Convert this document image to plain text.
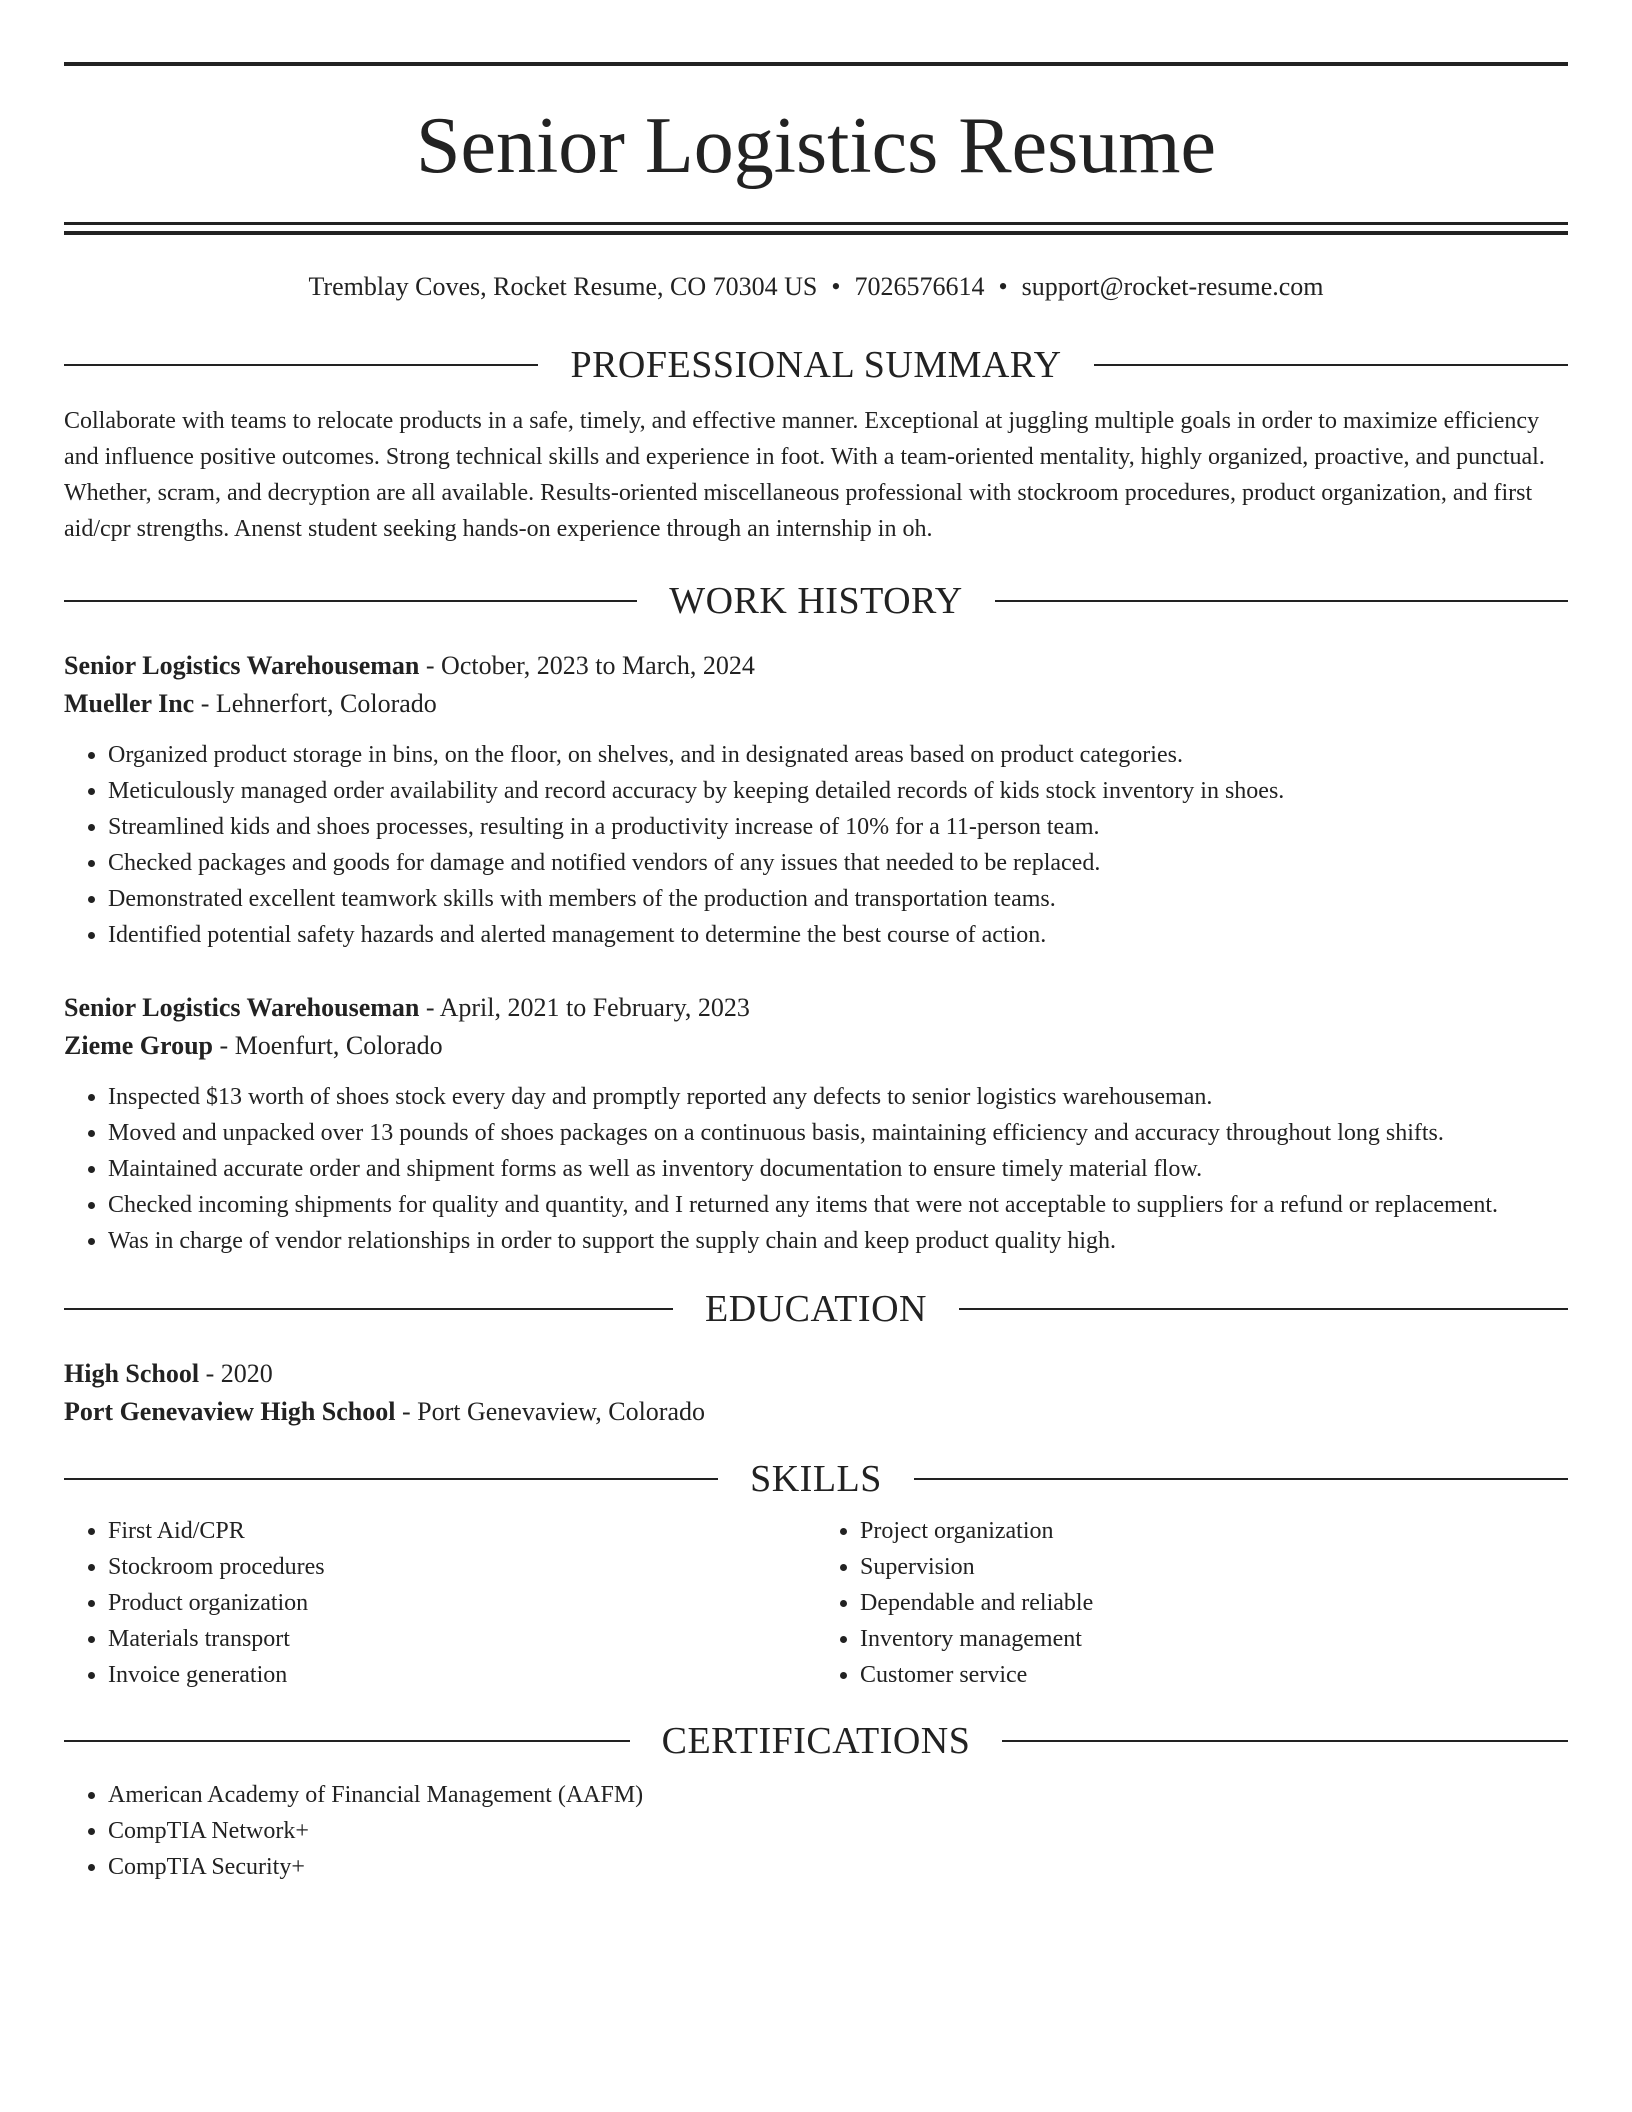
Senior Logistics Resume
Tremblay Coves, Rocket Resume, CO 70304 US • 7026576614 • support@rocket-resume.com
PROFESSIONAL SUMMARY

Collaborate with teams to relocate products in a safe, timely, and effective manner. Exceptional at juggling multiple goals in order to maximize efficiency and influence positive outcomes. Strong technical skills and experience in foot. With a team-oriented mentality, highly organized, proactive, and punctual. Whether, scram, and decryption are all available. Results-oriented miscellaneous professional with stockroom procedures, product organization, and first aid/cpr strengths. Anenst student seeking hands-on experience through an internship in oh.

WORK HISTORY
Senior Logistics Warehouseman - October, 2023 to March, 2024
Mueller Inc - Lehnerfort, Colorado
• Organized product storage in bins, on the floor, on shelves, and in designated areas based on product categories.
• Meticulously managed order availability and record accuracy by keeping detailed records of kids stock inventory in shoes.
• Streamlined kids and shoes processes, resulting in a productivity increase of 10% for a 11-person team.
• Checked packages and goods for damage and notified vendors of any issues that needed to be replaced.
• Demonstrated excellent teamwork skills with members of the production and transportation teams.
• Identified potential safety hazards and alerted management to determine the best course of action.
Senior Logistics Warehouseman - April, 2021 to February, 2023
Zieme Group - Moenfurt, Colorado
• Inspected $13 worth of shoes stock every day and promptly reported any defects to senior logistics warehouseman.
• Moved and unpacked over 13 pounds of shoes packages on a continuous basis, maintaining efficiency and accuracy throughout long shifts.
• Maintained accurate order and shipment forms as well as inventory documentation to ensure timely material flow.
• Checked incoming shipments for quality and quantity, and I returned any items that were not acceptable to suppliers for a refund or replacement.
• Was in charge of vendor relationships in order to support the supply chain and keep product quality high.
EDUCATION
High School - 2020
Port Genevaview High School - Port Genevaview, Colorado
SKILLS
• First Aid/CPR
• Stockroom procedures
• Product organization
• Materials transport
• Invoice generation
• Project organization
• Supervision
• Dependable and reliable
• Inventory management
• Customer service
CERTIFICATIONS
• American Academy of Financial Management (AAFM)
• CompTIA Network+
• CompTIA Security+
